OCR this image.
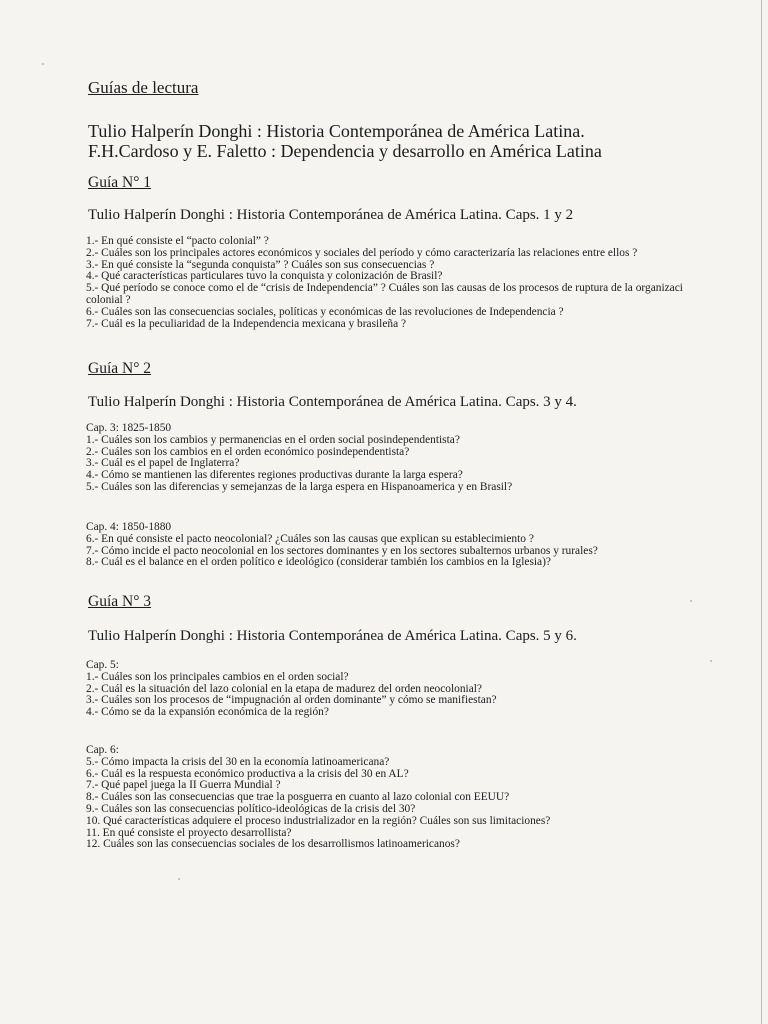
Guías de lectura
Tulio Halperín Donghi : Historia Contemporánea de América Latina.
F.H.Cardoso y E. Faletto : Dependencia y desarrollo en América Latina
Guía N° 1
Tulio Halperín Donghi : Historia Contemporánea de América Latina. Caps. 1 y 2
1.- En qué consiste el “pacto colonial” ?
2.- Cuáles son los principales actores económicos y sociales del período y cómo caracterizaría las relaciones entre ellos ?
3.- En qué consiste la “segunda conquista” ? Cuáles son sus consecuencias ?
4.- Qué características particulares tuvo la conquista y colonización de Brasil?
5.- Qué período se conoce como el de “crisis de Independencia” ? Cuáles son las causas de los procesos de ruptura de la organizaci
colonial ?
6.- Cuáles son las consecuencias sociales, políticas y económicas de las revoluciones de Independencia ?
7.- Cuál es la peculiaridad de la Independencia mexicana y brasileña ?
Guía N° 2
Tulio Halperín Donghi : Historia Contemporánea de América Latina. Caps. 3 y 4.
Cap. 3: 1825-1850
1.- Cuáles son los cambios y permanencias en el orden social posindependentista?
2.- Cuáles son los cambios en el orden económico posindependentista?
3.- Cuál es el papel de Inglaterra?
4.- Cómo se mantienen las diferentes regiones productivas durante la larga espera?
5.- Cuáles son las diferencias y semejanzas de la larga espera en Hispanoamerica y en Brasil?
Cap. 4: 1850-1880
6.- En qué consiste el pacto neocolonial? ¿Cuáles son las causas que explican su establecimiento ?
7.- Cómo incide el pacto neocolonial en los sectores dominantes y en los sectores subalternos urbanos y rurales?
8.- Cuál es el balance en el orden político e ideológico (considerar también los cambios en la Iglesia)?
Guía N° 3
Tulio Halperín Donghi : Historia Contemporánea de América Latina. Caps. 5 y 6.
Cap. 5:
1.- Cuáles son los principales cambios en el orden social?
2.- Cuál es la situación del lazo colonial en la etapa de madurez del orden neocolonial?
3.- Cuáles son los procesos de “impugnación al orden dominante” y cómo se manifiestan?
4.- Cómo se da la expansión económica de la región?
Cap. 6:
5.- Cómo impacta la crisis del 30 en la economía latinoamericana?
6.- Cuál es la respuesta económico productiva a la crisis del 30 en AL?
7.- Qué papel juega la II Guerra Mundial ?
8.- Cuáles son las consecuencias que trae la posguerra en cuanto al lazo colonial con EEUU?
9.- Cuáles son las consecuencias político-ideológicas de la crisis del 30?
10. Qué características adquiere el proceso industrializador en la región? Cuáles son sus limitaciones?
11. En qué consiste el proyecto desarrollista?
12. Cuáles son las consecuencias sociales de los desarrollismos latinoamericanos?
